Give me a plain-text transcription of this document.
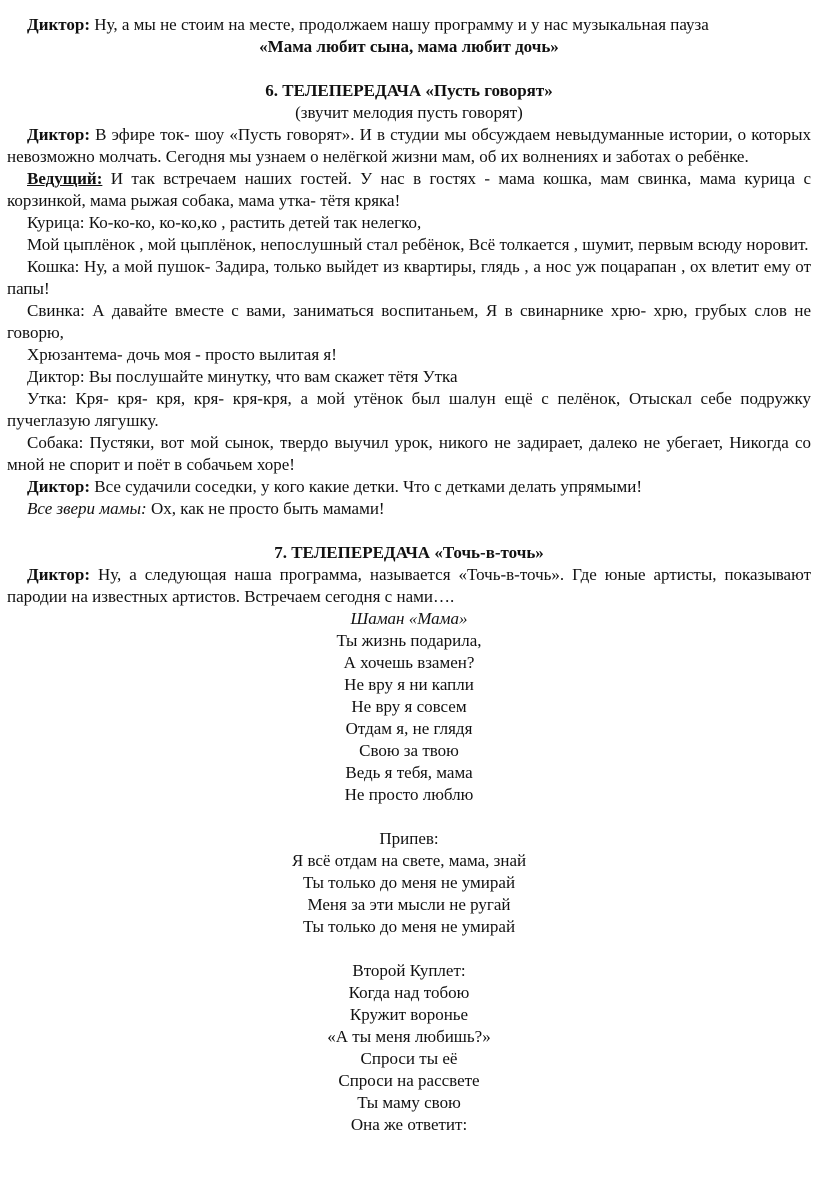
Диктор: Ну, а мы не стоим на месте, продолжаем нашу программу и у нас музыкальная пауза

«Мама любит сына, мама любит дочь»

6. ТЕЛЕПЕРЕДАЧА «Пусть говорят»

(звучит мелодия пусть говорят)

Диктор: В эфире ток- шоу «Пусть говорят». И в студии мы обсуждаем невыдуманные истории, о которых невозможно молчать. Сегодня мы узнаем о нелёгкой жизни мам, об их волнениях и заботах о ребёнке.

Ведущий: И так встречаем наших гостей. У нас в гостях - мама кошка, мам свинка, мама курица с корзинкой, мама рыжая собака, мама утка- тётя кряка!

Курица: Ко-ко-ко, ко-ко,ко , растить детей так нелегко,

Мой цыплёнок , мой цыплёнок, непослушный стал ребёнок, Всё толкается , шумит, первым всюду норовит.

Кошка: Ну, а мой пушок- Задира, только выйдет из квартиры, глядь , а нос уж поцарапан , ох влетит ему от папы!

Свинка: А давайте вместе с вами, заниматься воспитаньем, Я в свинарнике хрю- хрю, грубых слов не говорю,

Хрюзантема- дочь моя - просто вылитая я!

Диктор: Вы послушайте минутку, что вам скажет тётя Утка

Утка: Кря- кря- кря, кря- кря-кря, а мой утёнок был шалун ещё с пелёнок, Отыскал себе подружку пучеглазую лягушку.

Собака: Пустяки, вот мой сынок, твердо выучил урок, никого не задирает, далеко не убегает, Никогда со мной не спорит и поёт в собачьем хоре!

Диктор: Все судачили соседки, у кого какие детки. Что с детками делать упрямыми!

Все звери мамы: Ох, как не просто быть мамами!

7. ТЕЛЕПЕРЕДАЧА «Точь-в-точь»

Диктор: Ну, а следующая наша программа, называется «Точь-в-точь». Где юные артисты, показывают пародии на известных артистов. Встречаем сегодня с нами….

Шаман «Мама»

Ты жизнь подарила,

А хочешь взамен?

Не вру я ни капли

Не вру я совсем

Отдам я, не глядя

Свою за твою

Ведь я тебя, мама

Не просто люблю

Припев:

Я всё отдам на свете, мама, знай

Ты только до меня не умирай

Меня за эти мысли не ругай

Ты только до меня не умирай

Второй Куплет:

Когда над тобою

Кружит воронье

«А ты меня любишь?»

Спроси ты её

Спроси на рассвете

Ты маму свою

Она же ответит:
